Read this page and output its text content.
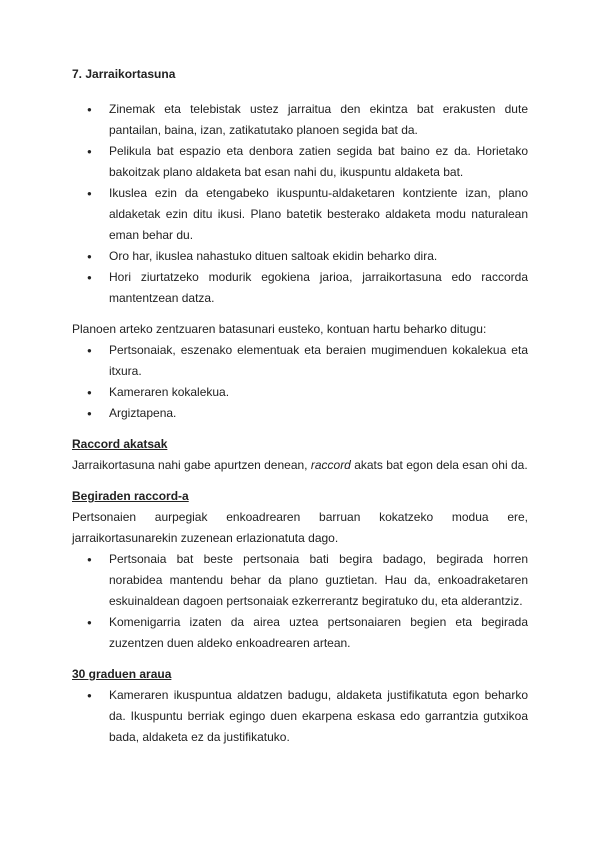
7. Jarraikortasuna

● Zinemak eta telebistak ustez jarraitua den ekintza bat erakusten dute pantailan, baina, izan, zatikatutako planoen segida bat da.
● Pelikula bat espazio eta denbora zatien segida bat baino ez da. Horietako bakoitzak plano aldaketa bat esan nahi du, ikuspuntu aldaketa bat.
● Ikuslea ezin da etengabeko ikuspuntu-aldaketaren kontziente izan, plano aldaketak ezin ditu ikusi. Plano batetik besterako aldaketa modu naturalean eman behar du.
● Oro har, ikuslea nahastuko dituen saltoak ekidin beharko dira.
● Hori ziurtatzeko modurik egokiena jarioa, jarraikortasuna edo raccorda mantentzean datza.

Planoen arteko zentzuaren batasunari eusteko, kontuan hartu beharko ditugu:

● Pertsonaiak, eszenako elementuak eta beraien mugimenduen kokalekua eta itxura.
● Kameraren kokalekua.
● Argiztapena.

Raccord akatsak

Jarraikortasuna nahi gabe apurtzen denean, raccord akats bat egon dela esan ohi da.

Begiraden raccord-a

Pertsonaien aurpegiak enkoadrearen barruan kokatzeko modua ere, jarraikortasunarekin zuzenean erlazionatuta dago.

● Pertsonaia bat beste pertsonaia bati begira badago, begirada horren norabidea mantendu behar da plano guztietan. Hau da, enkoadraketaren eskuinaldean dagoen pertsonaiak ezkerrerantz begiratuko du, eta alderantziz.
● Komenigarria izaten da airea uztea pertsonaiaren begien eta begirada zuzentzen duen aldeko enkoadrearen artean.

30 graduen araua

● Kameraren ikuspuntua aldatzen badugu, aldaketa justifikatuta egon beharko da. Ikuspuntu berriak egingo duen ekarpena eskasa edo garrantzia gutxikoa bada, aldaketa ez da justifikatuko.
